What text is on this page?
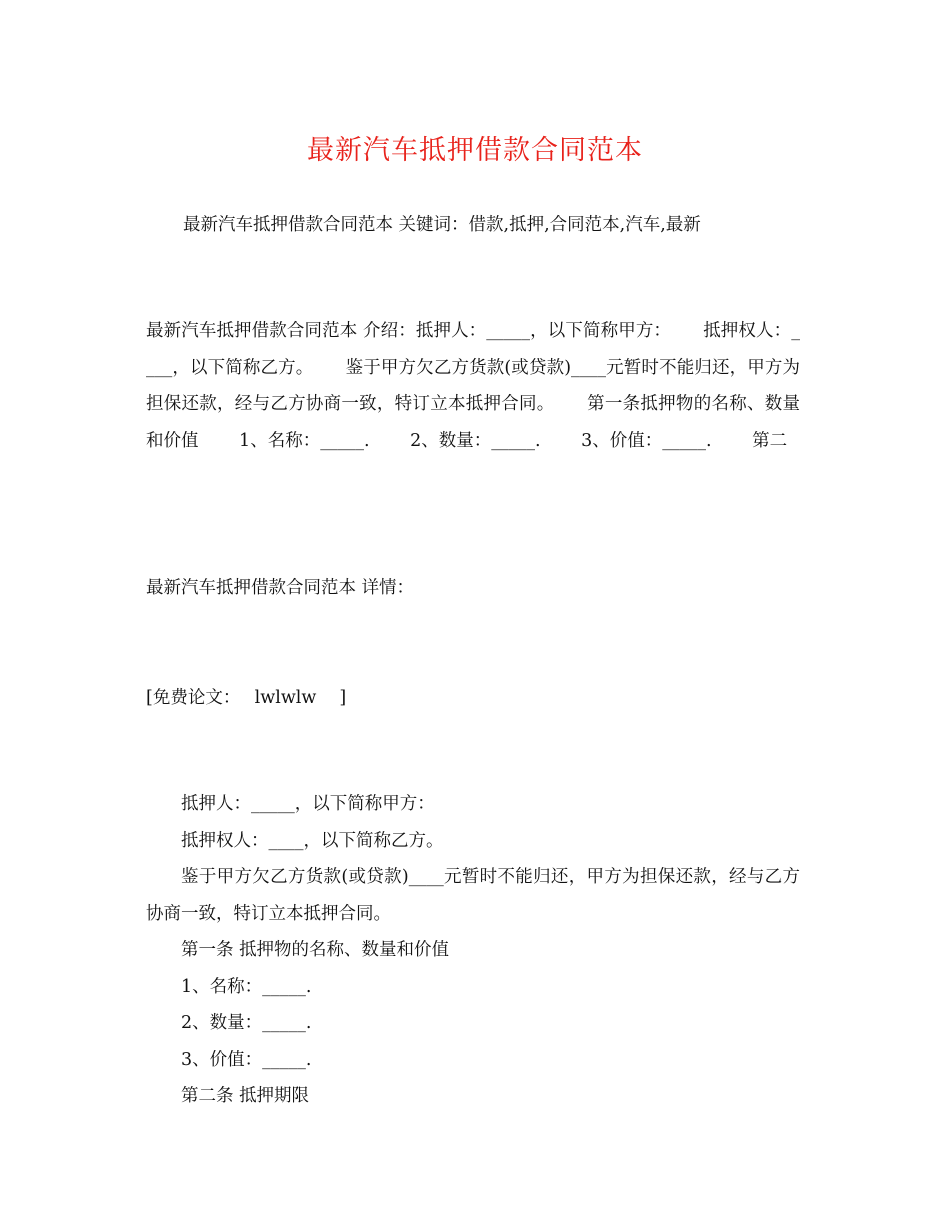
最新汽车抵押借款合同范本
最新汽车抵押借款合同范本 关键词：借款,抵押,合同范本,汽车,最新

最新汽车抵押借款合同范本 介绍：抵押人：_____，以下简称甲方：　　 抵押权人：____，以下简称乙方。　　 鉴于甲方欠乙方货款(或贷款)____元暂时不能归还，甲方为担保还款，经与乙方协商一致，特订立本抵押合同。　　 第一条抵押物的名称、数量和价值　　 1、名称：_____.　　 2、数量：_____.　　 3、价值：_____.　　 第二

最新汽车抵押借款合同范本 详情：
[免费论文：　 lwlwlw　 ]

抵押人：_____，以下简称甲方：

抵押权人：____，以下简称乙方。

鉴于甲方欠乙方货款(或贷款)____元暂时不能归还，甲方为担保还款，经与乙方协商一致，特订立本抵押合同。

第一条 抵押物的名称、数量和价值

1、名称：_____.

2、数量：_____.

3、价值：_____.

第二条 抵押期限
